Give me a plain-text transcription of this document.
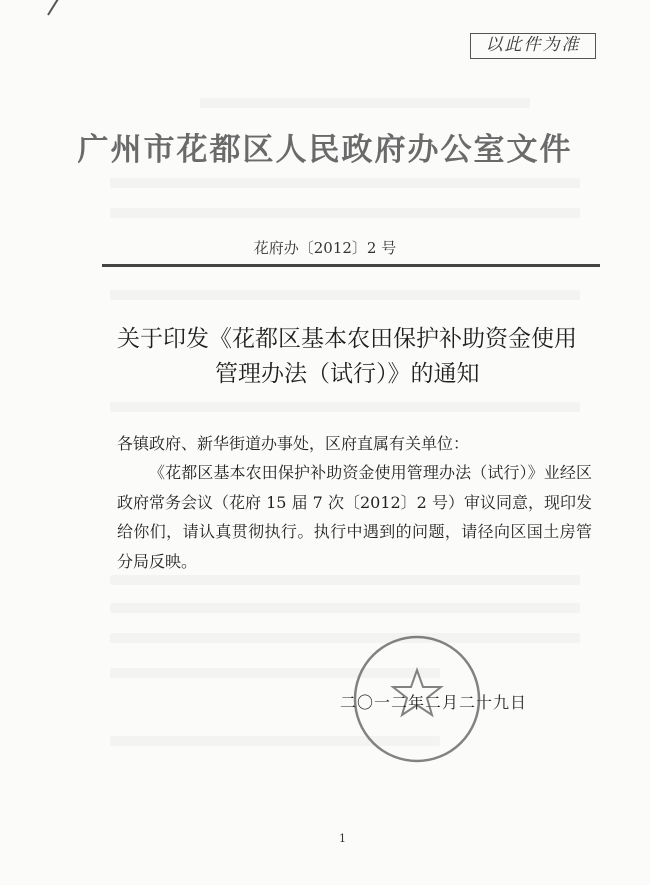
以此件为准
广州市花都区人民政府办公室文件
花府办〔2012〕2 号
关于印发《花都区基本农田保护补助资金使用
管理办法（试行）》的通知
各镇政府、新华街道办事处，区府直属有关单位：
《花都区基本农田保护补助资金使用管理办法（试行）》业经区政府常务会议（花府 15 届 7 次〔2012〕2 号）审议同意，现印发给你们，请认真贯彻执行。执行中遇到的问题，请径向区国土房管分局反映。
二〇一二年二月二十九日
1
